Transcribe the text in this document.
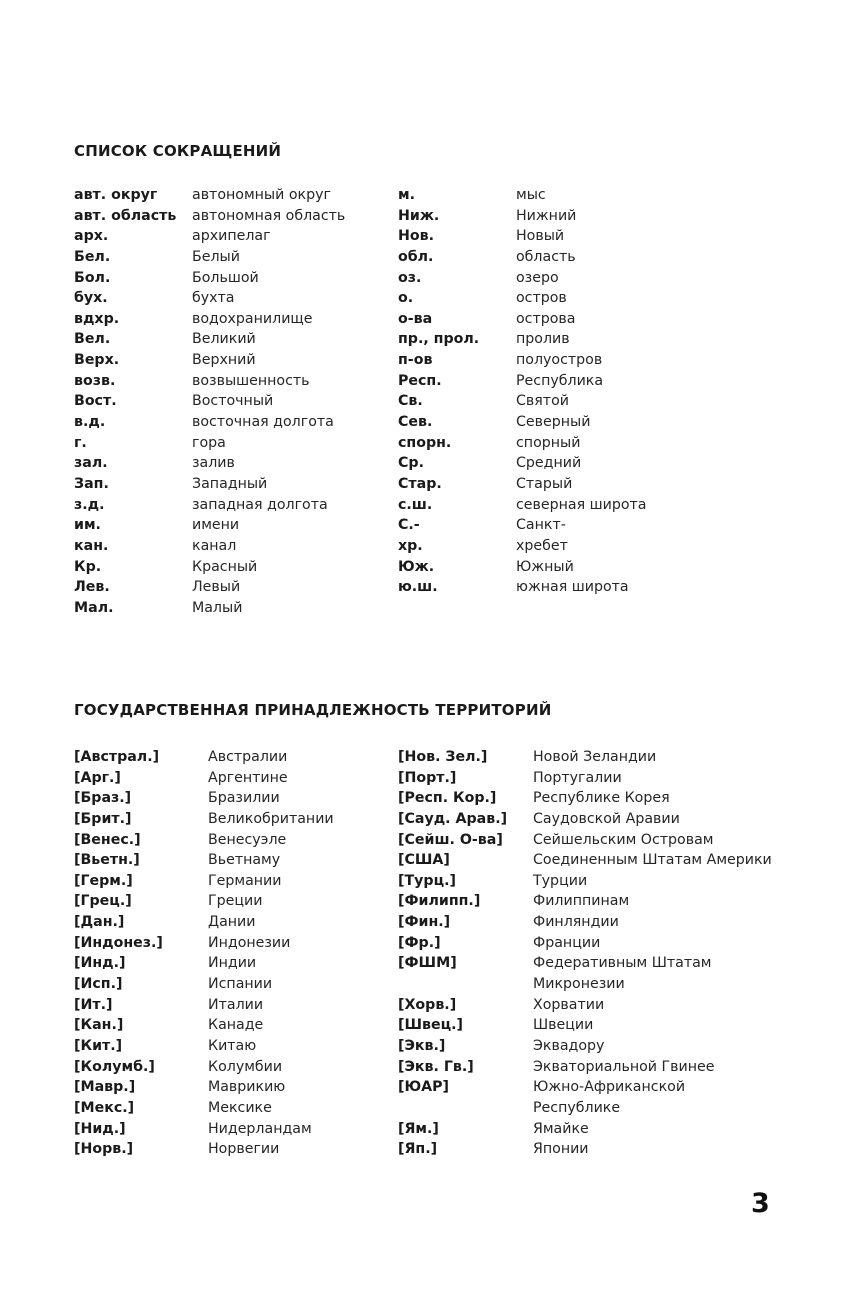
СПИСОК СОКРАЩЕНИЙ
авт. округ автономный округ
авт. область автономная область
арх.	архипелаг
Бел.	Белый
Бол.	Большой
бух.	бухта
вдхр.	водохранилище
Вел.	Великий
Верх.	Верхний
возв.	возвышенность
Вост.	Восточный
в.д.	восточная долгота
г.	гора
зал.	залив
Зап.	Западный
з.д.	западная долгота
им.	имени
кан.	канал
Кр.	Красный
Лев.	Левый
Мал.	Малый
м.	мыс
Ниж.	Нижний
Нов.	Новый
обл.	область
оз.	озеро
о.	остров
о-ва	острова
пр., прол.	пролив
п-ов	полуостров
Респ.	Республика
Св.	Святой
Сев.	Северный
спорн.	спорный
Ср.	Средний
Стар.	Старый
с.ш.	северная широта
С.-	Санкт-
хр.	хребет
Юж.	Южный
ю.ш.	южная широта
ГОСУДАРСТВЕННАЯ ПРИНАДЛЕЖНОСТЬ ТЕРРИТОРИЙ
[Австрал.]	Австралии
[Арг.]	Аргентине
[Браз.]	Бразилии
[Брит.]	Великобритании
[Венес.]	Венесуэле
[Вьетн.]	Вьетнаму
[Герм.]	Германии
[Грец.]	Греции
[Дан.]	Дании
[Индонез.]	Индонезии
[Инд.]	Индии
[Исп.]	Испании
[Ит.]	Италии
[Кан.]	Канаде
[Кит.]	Китаю
[Колумб.]	Колумбии
[Мавр.]	Маврикию
[Мекс.]	Мексике
[Нид.]	Нидерландам
[Норв.]	Норвегии
[Нов. Зел.]	Новой Зеландии
[Порт.]	Португалии
[Респ. Кор.]	Республике Корея
[Сауд. Арав.] Саудовской Аравии
[Сейш. О-ва] Сейшельским Островам
[США]	Соединенным Штатам Америки
[Турц.]	Турции
[Филипп.]	Филиппинам
[Фин.]	Финляндии
[Фр.]	Франции
[ФШМ]	Федеративным Штатам
Микронезии
[Хорв.]	Хорватии
[Швец.]	Швеции
[Экв.]	Эквадору
[Экв. Гв.]	Экваториальной Гвинее
[ЮАР]	Южно-Африканской
Республике
[Ям.]	Ямайке
[Яп.]	Японии
3
